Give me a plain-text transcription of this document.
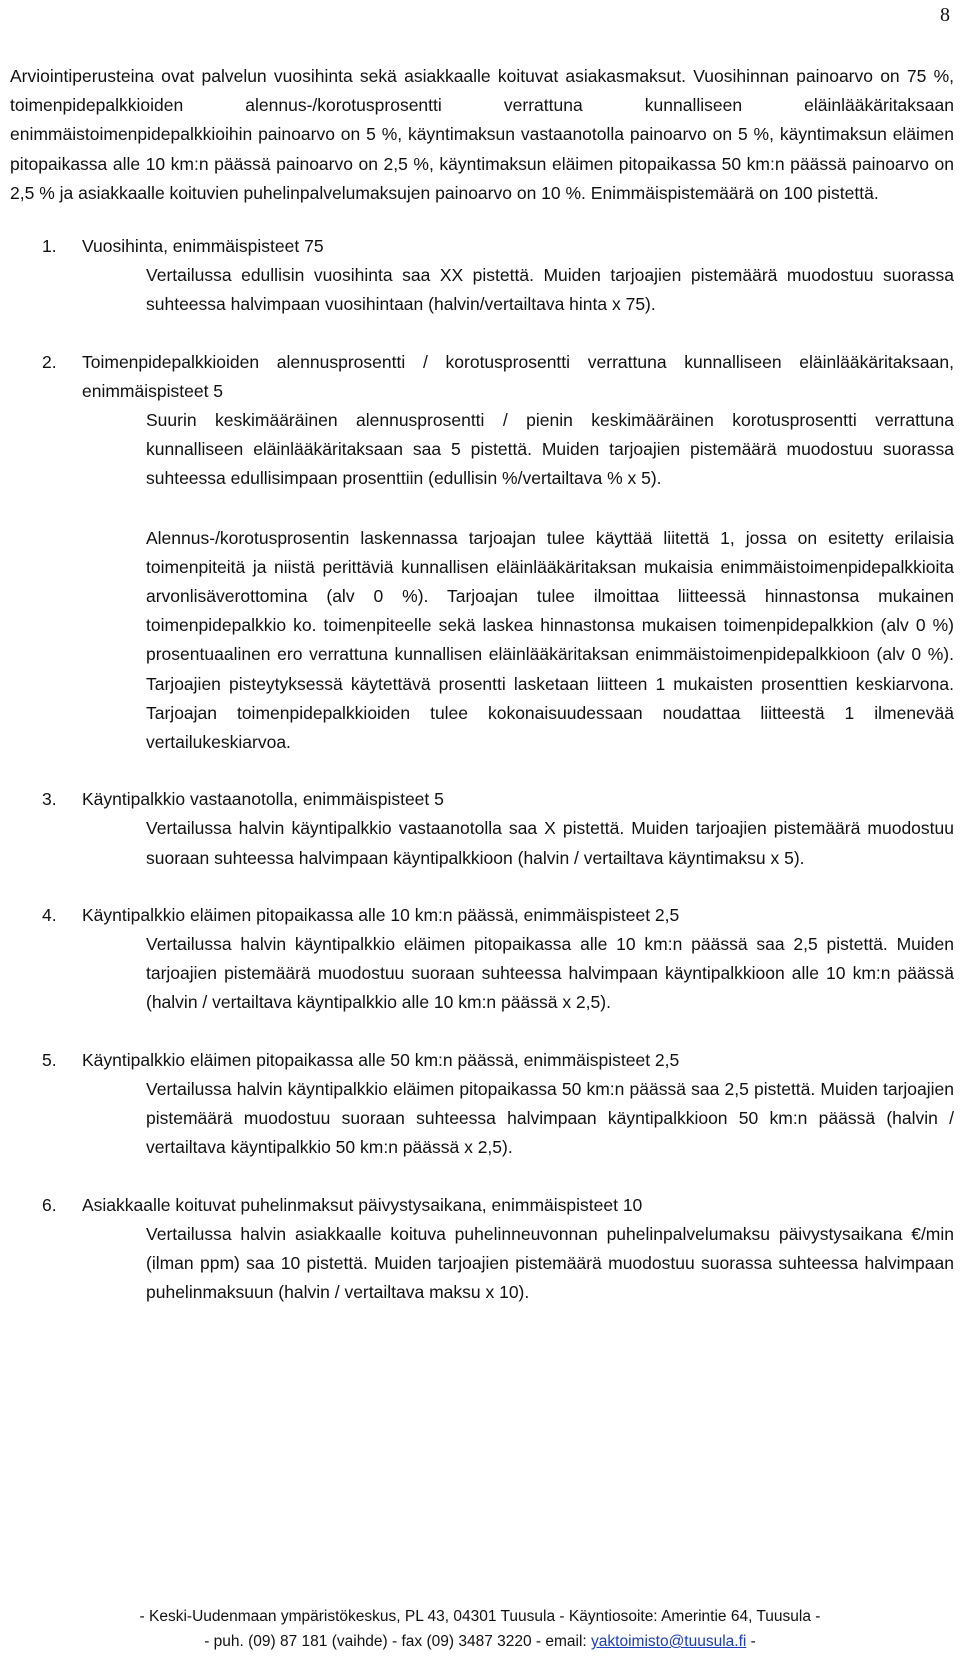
8

Arviointiperusteina ovat palvelun vuosihinta sekä asiakkaalle koituvat asiakasmaksut. Vuosihinnan painoarvo on 75 %, toimenpidepalkkioiden alennus-/korotusprosentti verrattuna kunnalliseen eläinlääkäritaksaan enimmäistoimenpidepalkkioihin painoarvo on 5 %, käyntimaksun vastaanotolla painoarvo on 5 %, käyntimaksun eläimen pitopaikassa alle 10 km:n päässä painoarvo on 2,5 %, käyntimaksun eläimen pitopaikassa 50 km:n päässä painoarvo on 2,5 % ja asiakkaalle koituvien puhelinpalvelumaksujen painoarvo on 10 %. Enimmäispistemäärä on 100 pistettä.

1.	Vuosihinta, enimmäispisteet 75

Vertailussa edullisin vuosihinta saa XX pistettä. Muiden tarjoajien pistemäärä muodostuu suorassa suhteessa halvimpaan vuosihintaan (halvin/vertailtava hinta x 75).

2.	Toimenpidepalkkioiden alennusprosentti / korotusprosentti verrattuna kunnalliseen eläinlääkäritaksaan, enimmäispisteet 5

Suurin keskimääräinen alennusprosentti / pienin keskimääräinen korotusprosentti verrattuna kunnalliseen eläinlääkäritaksaan saa 5 pistettä. Muiden tarjoajien pistemäärä muodostuu suorassa suhteessa edullisimpaan prosenttiin (edullisin %/vertailtava % x 5).

Alennus-/korotusprosentin laskennassa tarjoajan tulee käyttää liitettä 1, jossa on esitetty erilaisia toimenpiteitä ja niistä perittäviä kunnallisen eläinlääkäritaksan mukaisia enimmäistoimenpidepalkkioita arvonlisäverottomina (alv 0 %). Tarjoajan tulee ilmoittaa liitteessä hinnastonsa mukainen toimenpidepalkkio ko. toimenpiteelle sekä laskea hinnastonsa mukaisen toimenpidepalkkion (alv 0 %) prosentuaalinen ero verrattuna kunnallisen eläinlääkäritaksan enimmäistoimenpidepalkkioon (alv 0 %). Tarjoajien pisteytyksessä käytettävä prosentti lasketaan liitteen 1 mukaisten prosenttien keskiarvona. Tarjoajan toimenpidepalkkioiden tulee kokonaisuudessaan noudattaa liitteestä 1 ilmenevää vertailukeskiarvoa.

3.	Käyntipalkkio vastaanotolla, enimmäispisteet 5

Vertailussa halvin käyntipalkkio vastaanotolla saa X pistettä. Muiden tarjoajien pistemäärä muodostuu suoraan suhteessa halvimpaan käyntipalkkioon (halvin / vertailtava käyntimaksu x 5).

4.	Käyntipalkkio eläimen pitopaikassa alle 10 km:n päässä, enimmäispisteet 2,5

Vertailussa halvin käyntipalkkio eläimen pitopaikassa alle 10 km:n päässä saa 2,5 pistettä. Muiden tarjoajien pistemäärä muodostuu suoraan suhteessa halvimpaan käyntipalkkioon alle 10 km:n päässä (halvin / vertailtava käyntipalkkio alle 10 km:n päässä x 2,5).

5.	Käyntipalkkio eläimen pitopaikassa alle 50 km:n päässä, enimmäispisteet 2,5

Vertailussa halvin käyntipalkkio eläimen pitopaikassa 50 km:n päässä saa 2,5 pistettä. Muiden tarjoajien pistemäärä muodostuu suoraan suhteessa halvimpaan käyntipalkkioon 50 km:n päässä (halvin / vertailtava käyntipalkkio 50 km:n päässä x 2,5).

6.	Asiakkaalle koituvat puhelinmaksut päivystysaikana, enimmäispisteet 10

Vertailussa halvin asiakkaalle koituva puhelinneuvonnan puhelinpalvelumaksu päivystysaikana €/min (ilman ppm) saa 10 pistettä. Muiden tarjoajien pistemäärä muodostuu suorassa suhteessa halvimpaan puhelinmaksuun (halvin / vertailtava maksu x 10).

- Keski-Uudenmaan ympäristökeskus, PL 43, 04301 Tuusula - Käyntiosoite: Amerintie 64, Tuusula -
- puh. (09) 87 181 (vaihde) - fax (09) 3487 3220 - email: yaktoimisto@tuusula.fi -
